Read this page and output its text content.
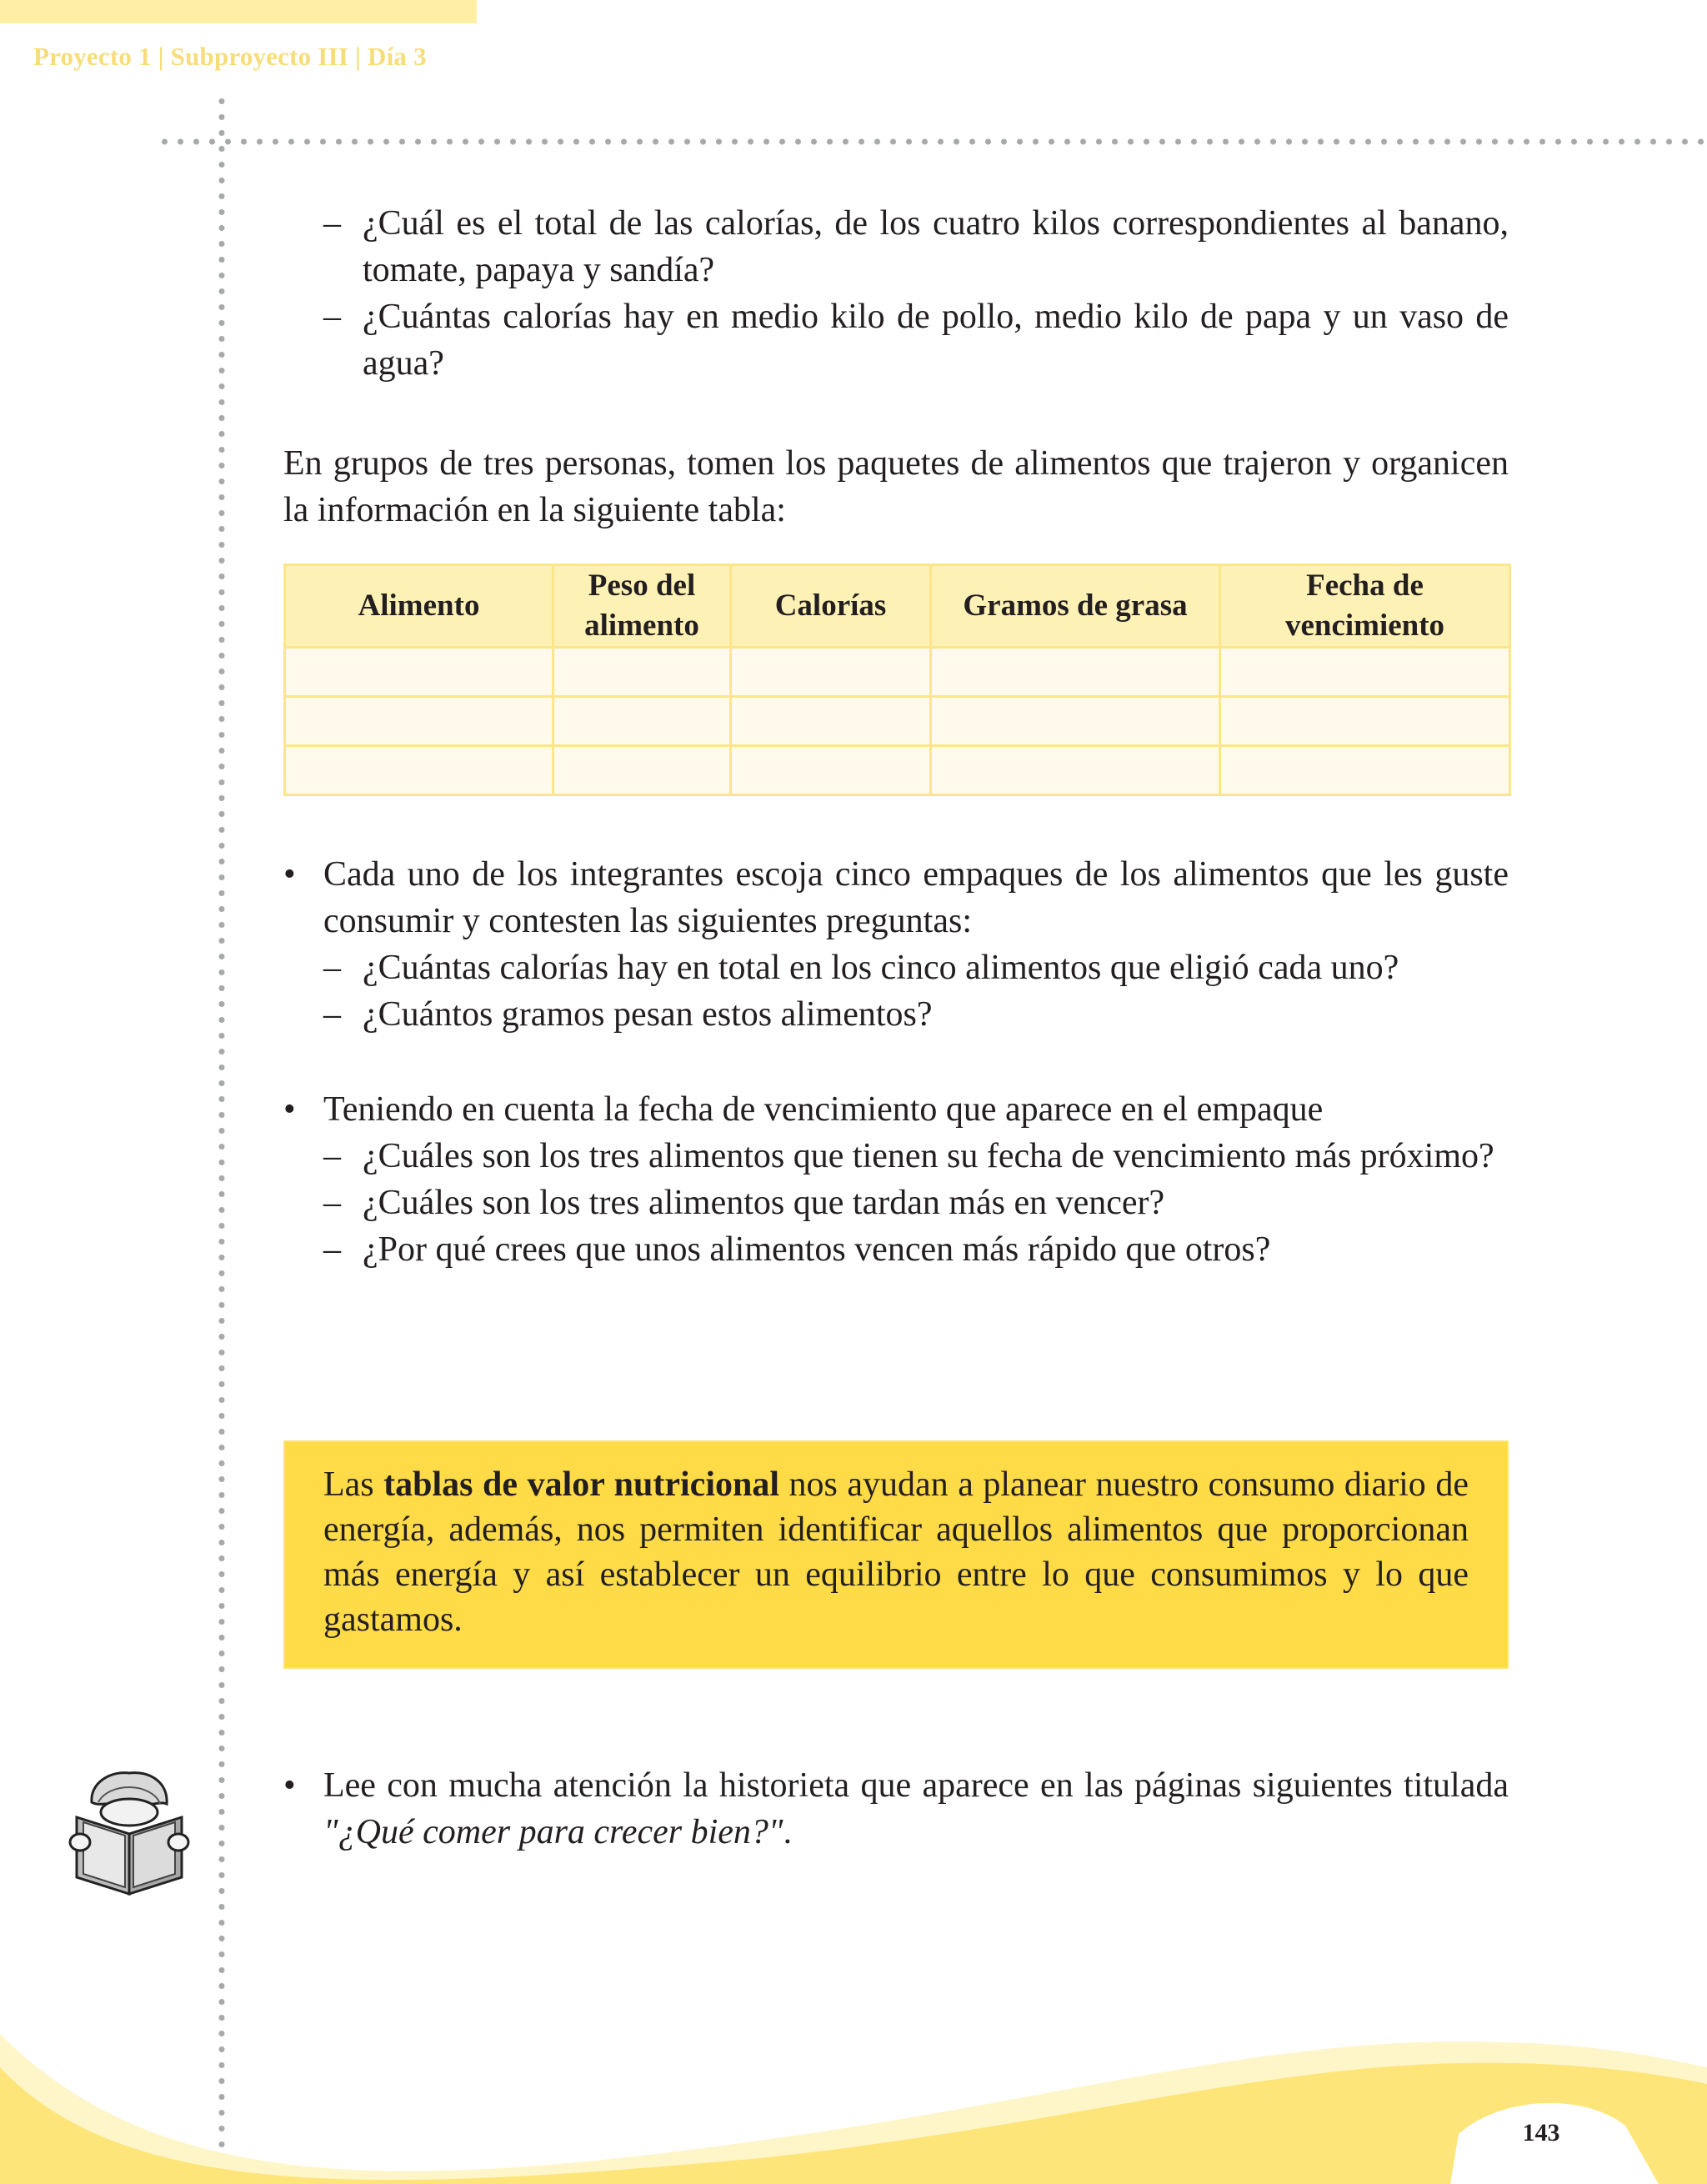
Proyecto 1 | Subproyecto III | Día 3
– ¿Cuál es el total de las calorías, de los cuatro kilos correspondientes al banano, tomate, papaya y sandía?
– ¿Cuántas calorías hay en medio kilo de pollo, medio kilo de papa y un vaso de agua?

En grupos de tres personas, tomen los paquetes de alimentos que trajeron y organicen la información en la siguiente tabla:

Alimento	Peso del alimento	Calorías	Gramos de grasa	Fecha de vencimiento

• Cada uno de los integrantes escoja cinco empaques de los alimentos que les guste consumir y contesten las siguientes preguntas:
– ¿Cuántas calorías hay en total en los cinco alimentos que eligió cada uno?
– ¿Cuántos gramos pesan estos alimentos?
• Teniendo en cuenta la fecha de vencimiento que aparece en el empaque
– ¿Cuáles son los tres alimentos que tienen su fecha de vencimiento más próximo?
– ¿Cuáles son los tres alimentos que tardan más en vencer?
– ¿Por qué crees que unos alimentos vencen más rápido que otros?
Las tablas de valor nutricional nos ayudan a planear nuestro consumo diario de energía, además, nos permiten identificar aquellos alimentos que proporcionan más energía y así establecer un equilibrio entre lo que consumimos y lo que gastamos.
• Lee con mucha atención la historieta que aparece en las páginas siguientes titulada "¿Qué comer para crecer bien?".
143
